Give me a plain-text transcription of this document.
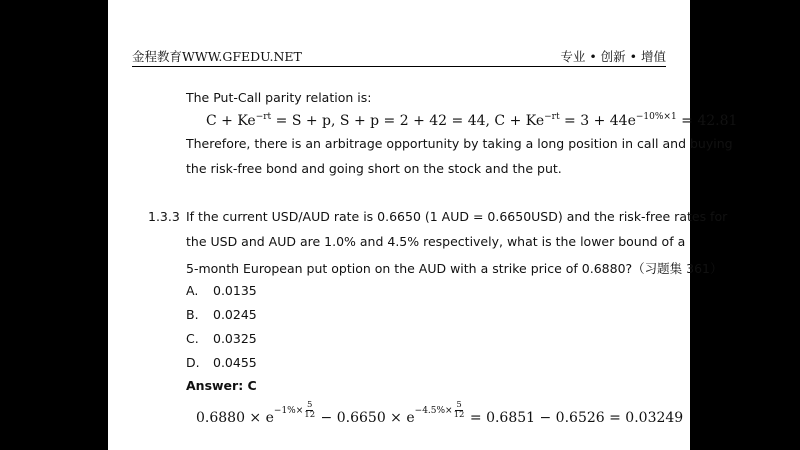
金程教育WWW.GFEDU.NET	专业 • 创新 • 增值
The Put-Call parity relation is:
$C + Ke^{-rt} = S + p$, S + p = 2 + 42 = 44, $C + Ke^{-rt} = 3 + 44e^{-10\%\times 1} = 42.81$
Therefore, there is an arbitrage opportunity by taking a long position in call and buying
the risk-free bond and going short on the stock and the put.
1.3.3 If the current USD/AUD rate is 0.6650 (1 AUD = 0.6650USD) and the risk-free rates for
the USD and AUD are 1.0% and 4.5% respectively, what is the lower bound of a
5-month European put option on the AUD with a strike price of 0.6880?（习题集 361）
A. 0.0135
B. 0.0245
C. 0.0325
D. 0.0455
Answer: C
$0.6880 \times e -1\%\times \frac{5}{12} - 0.6650 \times e -4.5\%\times \frac{5}{12} = 0.6851 - 0.6526 = 0.03249$
